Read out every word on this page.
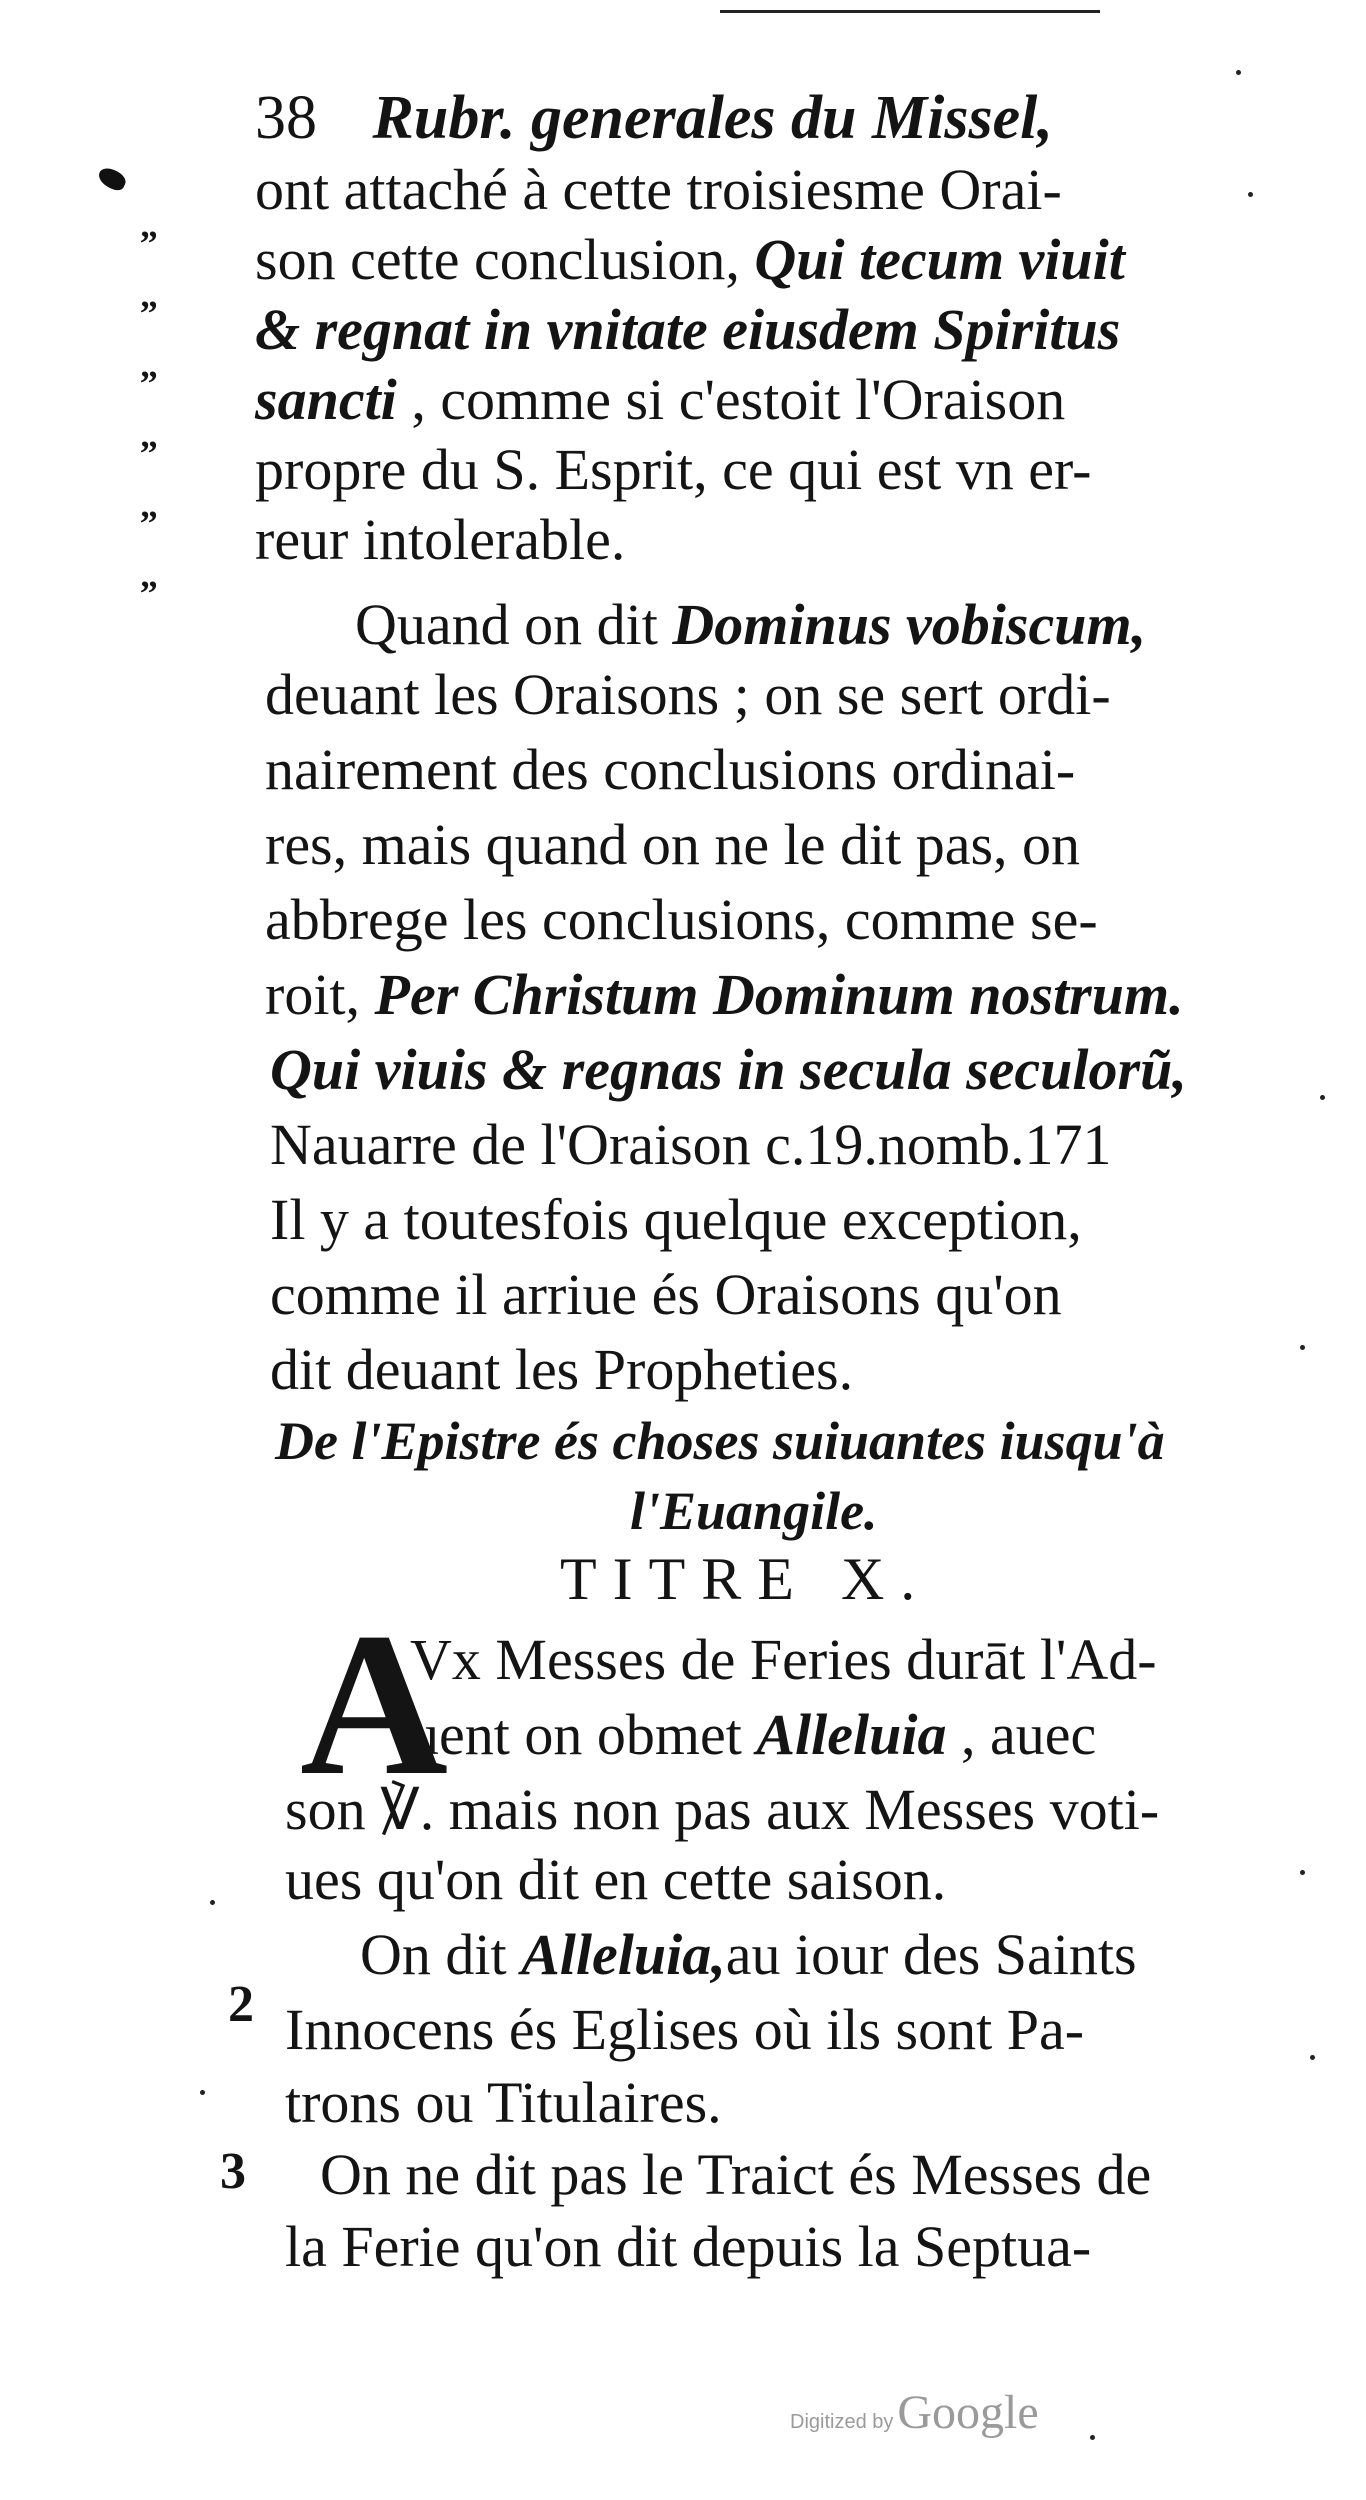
38 Rubr. generales du Missel,
„
„
„
„
„
„
ont attaché à cette troisiesme Orai-
son cette conclusion, Qui tecum viuit
& regnat in vnitate eiusdem Spiritus
sancti , comme si c'estoit l'Oraison
propre du S. Esprit, ce qui est vn er-
reur intolerable.
Quand on dit Dominus vobiscum,
deuant les Oraisons ; on se sert ordi-
nairement des conclusions ordinai-
res, mais quand on ne le dit pas, on
abbrege les conclusions, comme se-
roit, Per Christum Dominum nostrum.
Qui viuis & regnas in secula seculorũ,
Nauarre de l'Oraison c.19.nomb.171
Il y a toutesfois quelque exception,
comme il arriue és Oraisons qu'on
dit deuant les Propheties.
De l'Epistre és choses suiuantes iusqu'à
l'Euangile.
TITRE X.
A
Vx Messes de Feries durāt l'Ad-
uent on obmet Alleluia , auec
son ℣. mais non pas aux Messes voti-
ues qu'on dit en cette saison.
On dit Alleluia,au iour des Saints
2 Innocens és Eglises où ils sont Pa-
trons ou Titulaires.
3 On ne dit pas le Traict és Messes de
la Ferie qu'on dit depuis la Septua-
Digitized by Google
